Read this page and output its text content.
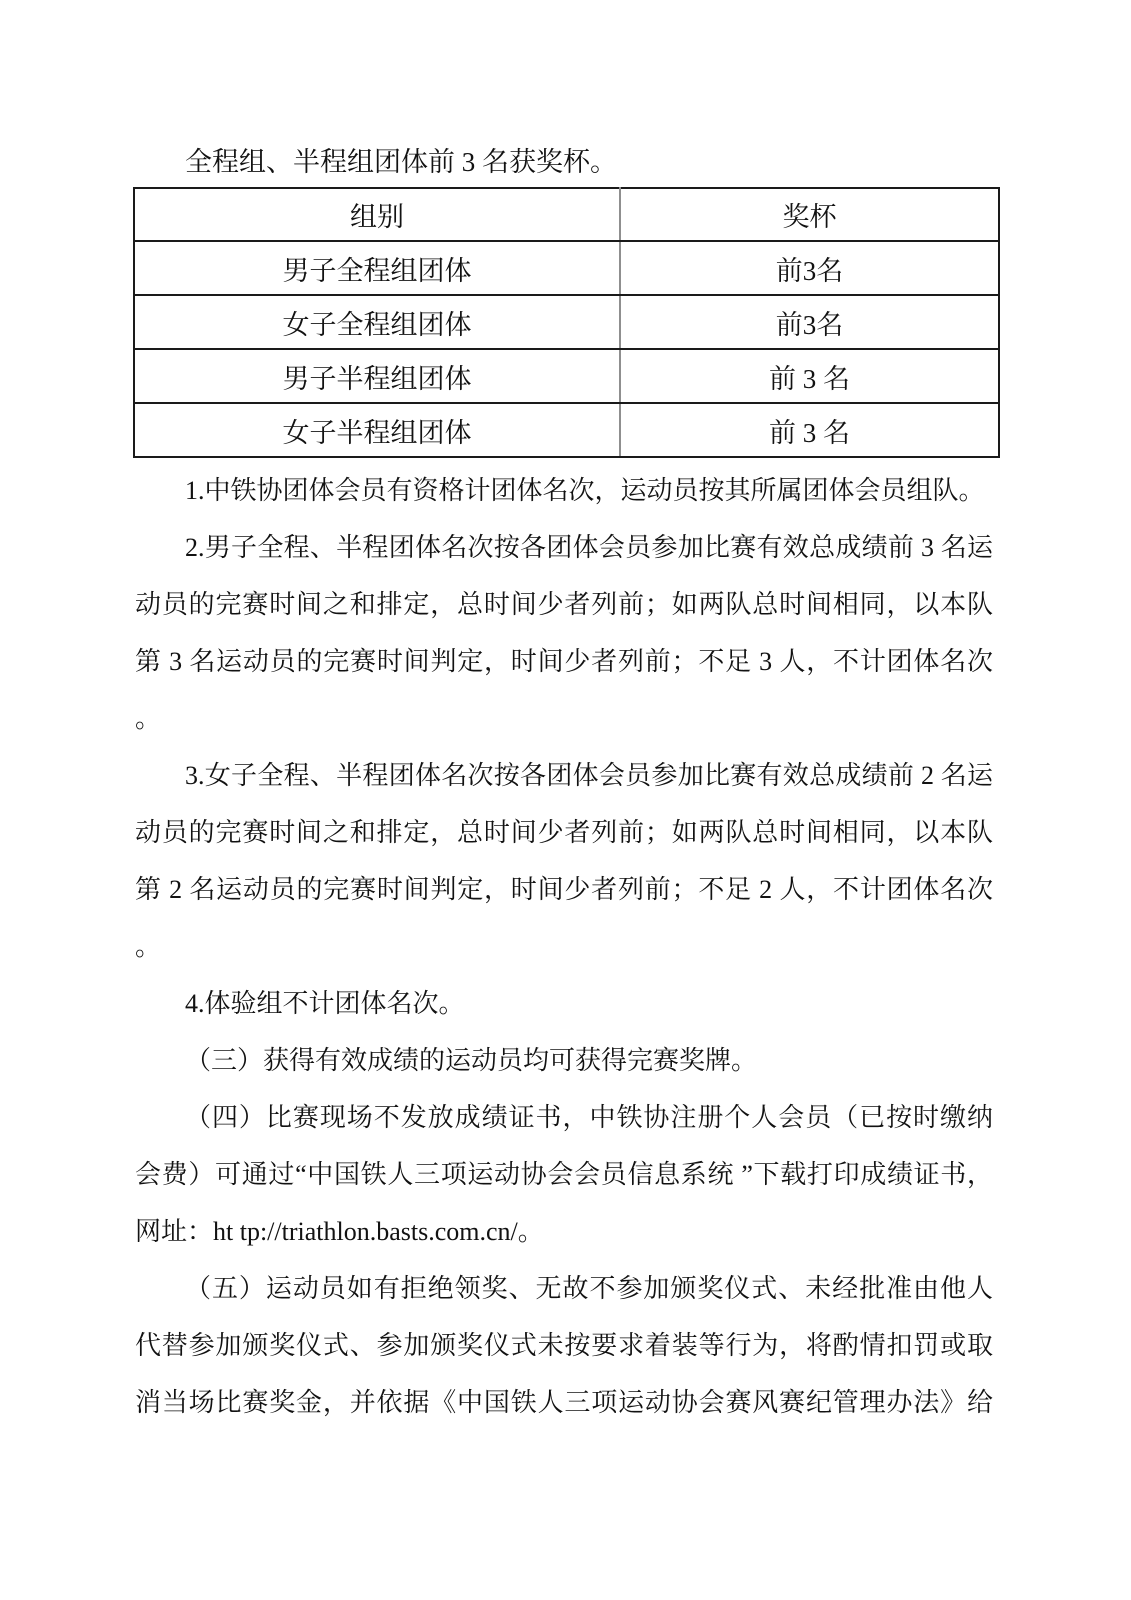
全程组、半程组团体前 3 名获奖杯。
组别	奖杯
男子全程组团体	前3名
女子全程组团体	前3名
男子半程组团体	前 3 名
女子半程组团体	前 3 名
1.中铁协团体会员有资格计团体名次，运动员按其所属团体会员组队。
2.男子全程、半程团体名次按各团体会员参加比赛有效总成绩前 3 名运
动员的完赛时间之和排定，总时间少者列前；如两队总时间相同，以本队
第 3 名运动员的完赛时间判定，时间少者列前；不足 3 人，不计团体名次
。
3.女子全程、半程团体名次按各团体会员参加比赛有效总成绩前 2 名运
动员的完赛时间之和排定，总时间少者列前；如两队总时间相同，以本队
第 2 名运动员的完赛时间判定，时间少者列前；不足 2 人，不计团体名次
。
4.体验组不计团体名次。
（三）获得有效成绩的运动员均可获得完赛奖牌。
（四）比赛现场不发放成绩证书，中铁协注册个人会员（已按时缴纳
会费）可通过“中国铁人三项运动协会会员信息系统 ”下载打印成绩证书，
网址：ht tp://triathlon.basts.com.cn/。
（五）运动员如有拒绝领奖、无故不参加颁奖仪式、未经批准由他人
代替参加颁奖仪式、参加颁奖仪式未按要求着装等行为，将酌情扣罚或取
消当场比赛奖金，并依据《中国铁人三项运动协会赛风赛纪管理办法》给
